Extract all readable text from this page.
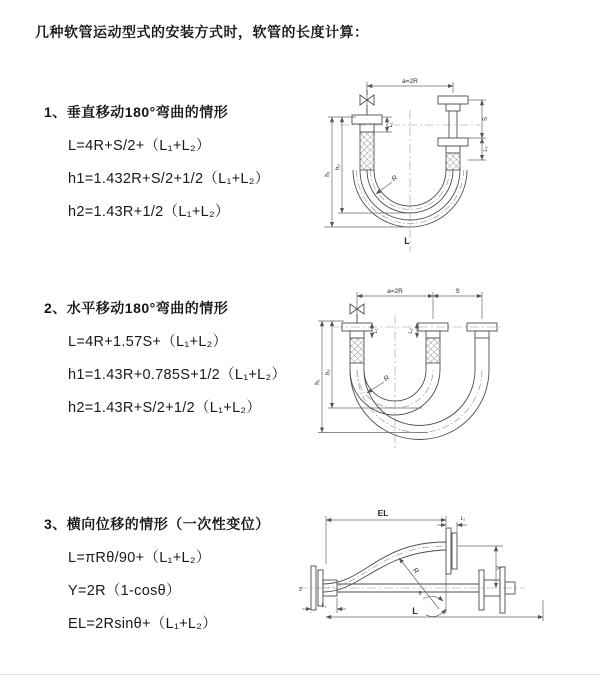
几种软管运动型式的安装方式时，软管的长度计算：
1、垂直移动180°弯曲的情形
L=4R+S/2+（L₁+L₂）
h1=1.432R+S/2+1/2（L₁+L₂）
h2=1.43R+1/2（L₁+L₂）
a=2R
h₁
h₂
L₁
S
L₂
R
L
2、水平移动180°弯曲的情形
L=4R+1.57S+（L₁+L₂）
h1=1.43R+0.785S+1/2（L₁+L₂）
h2=1.43R+S/2+1/2（L₁+L₂）
a=2R	S
h₁
h₂
L₁	L₂
R
3、横向位移的情形（一次性变位）
L=πRθ/90+（L₁+L₂）
Y=2R（1-cosθ）
EL=2Rsinθ+（L₁+L₂）
Z
EL
L₂
R
θ
Y
L₁	L
